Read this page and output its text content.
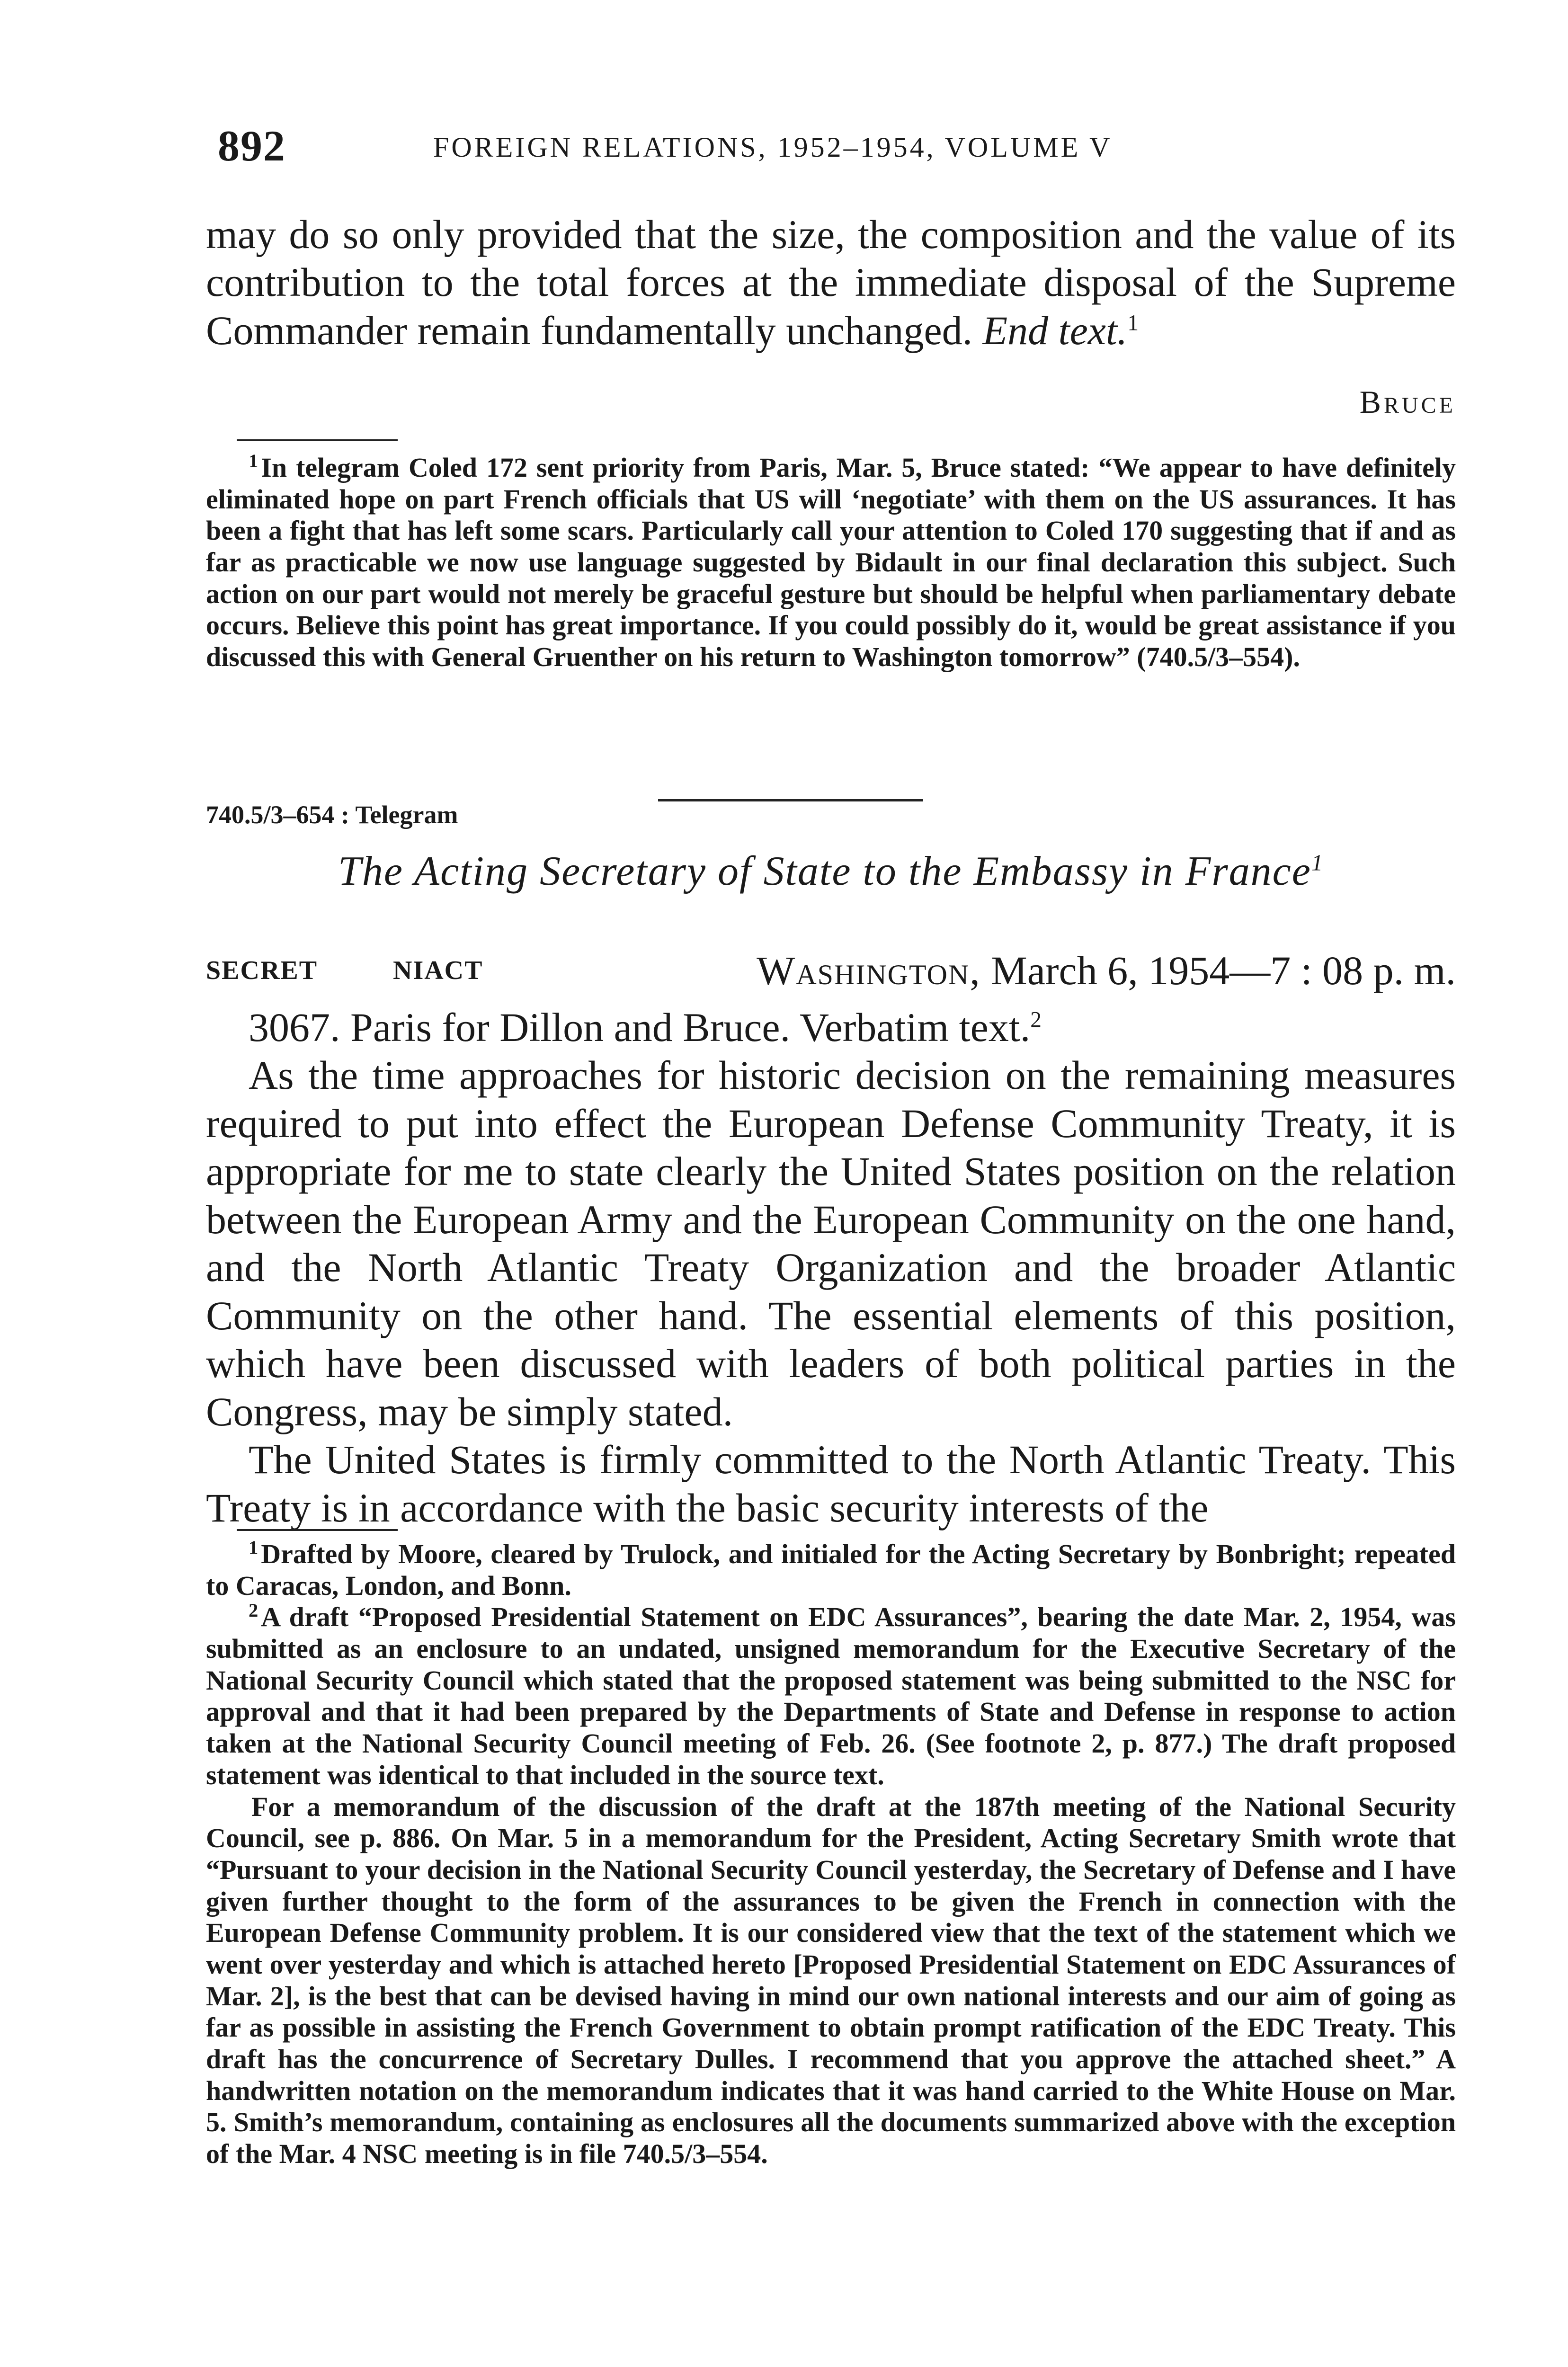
892	FOREIGN RELATIONS, 1952–1954, VOLUME V

may do so only provided that the size, the composition and the value of its contribution to the total forces at the immediate disposal of the Supreme Commander remain fundamentally unchanged. End text.$^1$

Bruce

$^1$ In telegram Coled 172 sent priority from Paris, Mar. 5, Bruce stated: “We appear to have definitely eliminated hope on part French officials that US will ‘negotiate’ with them on the US assurances. It has been a fight that has left some scars. Particularly call your attention to Coled 170 suggesting that if and as far as practicable we now use language suggested by Bidault in our final declaration this subject. Such action on our part would not merely be graceful gesture but should be helpful when parliamentary debate occurs. Believe this point has great importance. If you could possibly do it, would be great assistance if you discussed this with General Gruenther on his return to Washington tomorrow” (740.5/3–554).

740.5/3–654 : Telegram
The Acting Secretary of State to the Embassy in France$^1$
SECRET	NIACT	Washington, March 6, 1954—7 : 08 p. m.

3067. Paris for Dillon and Bruce. Verbatim text.$^2$

As the time approaches for historic decision on the remaining measures required to put into effect the European Defense Community Treaty, it is appropriate for me to state clearly the United States position on the relation between the European Army and the European Community on the one hand, and the North Atlantic Treaty Organization and the broader Atlantic Community on the other hand. The essential elements of this position, which have been discussed with leaders of both political parties in the Congress, may be simply stated.

The United States is firmly committed to the North Atlantic Treaty. This Treaty is in accordance with the basic security interests of the

$^1$ Drafted by Moore, cleared by Trulock, and initialed for the Acting Secretary by Bonbright; repeated to Caracas, London, and Bonn.

$^2$ A draft “Proposed Presidential Statement on EDC Assurances”, bearing the date Mar. 2, 1954, was submitted as an enclosure to an undated, unsigned memorandum for the Executive Secretary of the National Security Council which stated that the proposed statement was being submitted to the NSC for approval and that it had been prepared by the Departments of State and Defense in response to action taken at the National Security Council meeting of Feb. 26. (See footnote 2, p. 877.) The draft proposed statement was identical to that included in the source text.

For a memorandum of the discussion of the draft at the 187th meeting of the National Security Council, see p. 886. On Mar. 5 in a memorandum for the President, Acting Secretary Smith wrote that “Pursuant to your decision in the National Security Council yesterday, the Secretary of Defense and I have given further thought to the form of the assurances to be given the French in connection with the European Defense Community problem. It is our considered view that the text of the statement which we went over yesterday and which is attached hereto [Proposed Presidential Statement on EDC Assurances of Mar. 2], is the best that can be devised having in mind our own national interests and our aim of going as far as possible in assisting the French Government to obtain prompt ratification of the EDC Treaty. This draft has the concurrence of Secretary Dulles. I recommend that you approve the attached sheet.” A handwritten notation on the memorandum indicates that it was hand carried to the White House on Mar. 5. Smith’s memorandum, containing as enclosures all the documents summarized above with the exception of the Mar. 4 NSC meeting is in file 740.5/3–554.
